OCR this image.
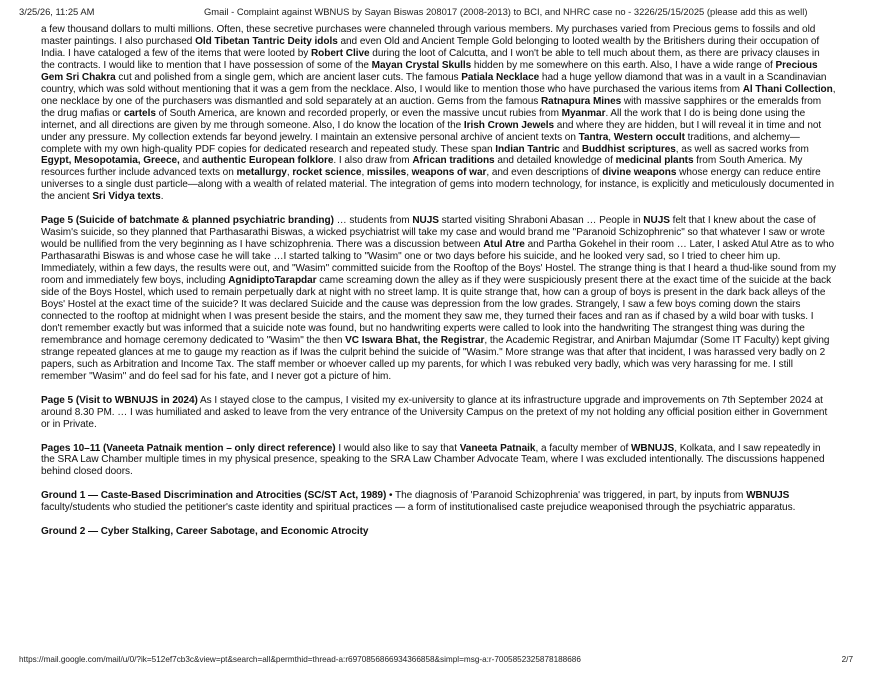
3/25/26, 11:25 AM	Gmail - Complaint against WBNUS by Sayan Biswas 208017 (2008-2013) to BCI, and NHRC case no - 3226/25/15/2025 (please add this as well)

a few thousand dollars to multi millions. Often, these secretive purchases were channeled through various members. My purchases varied from Precious gems to fossils and old master paintings. I also purchased Old Tibetan Tantric Deity idols and even Old and Ancient Temple Gold belonging to looted wealth by the Britishers during their occupation of India. I have cataloged a few of the items that were looted by Robert Clive during the loot of Calcutta, and I won't be able to tell much about them, as there are privacy clauses in the contracts. I would like to mention that I have possession of some of the Mayan Crystal Skulls hidden by me somewhere on this earth. Also, I have a wide range of Precious Gem Sri Chakra cut and polished from a single gem, which are ancient laser cuts. The famous Patiala Necklace had a huge yellow diamond that was in a vault in a Scandinavian country, which was sold without mentioning that it was a gem from the necklace. Also, I would like to mention those who have purchased the various items from Al Thani Collection, one necklace by one of the purchasers was dismantled and sold separately at an auction. Gems from the famous Ratnapura Mines with massive sapphires or the emeralds from the drug mafias or cartels of South America, are known and recorded properly, or even the massive uncut rubies from Myanmar. All the work that I do is being done using the internet, and all directions are given by me through someone. Also, I do know the location of the Irish Crown Jewels and where they are hidden, but I will reveal it in time and not under any pressure. My collection extends far beyond jewelry. I maintain an extensive personal archive of ancient texts on Tantra, Western occult traditions, and alchemy—complete with my own high-quality PDF copies for dedicated research and repeated study. These span Indian Tantric and Buddhist scriptures, as well as sacred works from Egypt, Mesopotamia, Greece, and authentic European folklore. I also draw from African traditions and detailed knowledge of medicinal plants from South America. My resources further include advanced texts on metallurgy, rocket science, missiles, weapons of war, and even descriptions of divine weapons whose energy can reduce entire universes to a single dust particle—along with a wealth of related material. The integration of gems into modern technology, for instance, is explicitly and meticulously documented in the ancient Sri Vidya texts.

Page 5 (Suicide of batchmate & planned psychiatric branding) … students from NUJS started visiting Shraboni Abasan … People in NUJS felt that I knew about the case of Wasim's suicide, so they planned that Parthasarathi Biswas, a wicked psychiatrist will take my case and would brand me "Paranoid Schizophrenic" so that whatever I saw or wrote would be nullified from the very beginning as I have schizophrenia. There was a discussion between Atul Atre and Partha Gokehel in their room … Later, I asked Atul Atre as to who Parthasarathi Biswas is and whose case he will take …I started talking to "Wasim" one or two days before his suicide, and he looked very sad, so I tried to cheer him up. Immediately, within a few days, the results were out, and "Wasim" committed suicide from the Rooftop of the Boys' Hostel. The strange thing is that I heard a thud-like sound from my room and immediately few boys, including AgnidiptoTarapdar came screaming down the alley as if they were suspiciously present there at the exact time of the suicide at the back side of the Boys Hostel, which used to remain perpetually dark at night with no street lamp. It is quite strange that, how can a group of boys is present in the dark back alleys of the Boys' Hostel at the exact time of the suicide? It was declared Suicide and the cause was depression from the low grades. Strangely, I saw a few boys coming down the stairs connected to the rooftop at midnight when I was present beside the stairs, and the moment they saw me, they turned their faces and ran as if chased by a wild boar with tusks. I don't remember exactly but was informed that a suicide note was found, but no handwriting experts were called to look into the handwriting The strangest thing was during the remembrance and homage ceremony dedicated to "Wasim" the then VC Iswara Bhat, the Registrar, the Academic Registrar, and Anirban Majumdar (Some IT Faculty) kept giving strange repeated glances at me to gauge my reaction as if Iwas the culprit behind the suicide of "Wasim." More strange was that after that incident, I was harassed very badly on 2 papers, such as Arbitration and Income Tax. The staff member or whoever called up my parents, for which I was rebuked very badly, which was very harassing for me. I still remember "Wasim" and do feel sad for his fate, and I never got a picture of him.

Page 5 (Visit to WBNUJS in 2024) As I stayed close to the campus, I visited my ex-university to glance at its infrastructure upgrade and improvements on 7th September 2024 at around 8.30 PM. … I was humiliated and asked to leave from the very entrance of the University Campus on the pretext of my not holding any official position either in Government or in Private.

Pages 10–11 (Vaneeta Patnaik mention – only direct reference) I would also like to say that Vaneeta Patnaik, a faculty member of WBNUJS, Kolkata, and I saw repeatedly in the SRA Law Chamber multiple times in my physical presence, speaking to the SRA Law Chamber Advocate Team, where I was excluded intentionally. The discussions happened behind closed doors.

Ground 1 — Caste-Based Discrimination and Atrocities (SC/ST Act, 1989) • The diagnosis of 'Paranoid Schizophrenia' was triggered, in part, by inputs from WBNUJS faculty/students who studied the petitioner's caste identity and spiritual practices — a form of institutionalised caste prejudice weaponised through the psychiatric apparatus.

Ground 2 — Cyber Stalking, Career Sabotage, and Economic Atrocity

https://mail.google.com/mail/u/0/?ik=512ef7cb3c&view=pt&search=all&permthid=thread-a:r6970856866934366858&simpl=msg-a:r-7005852325878188686	2/7
